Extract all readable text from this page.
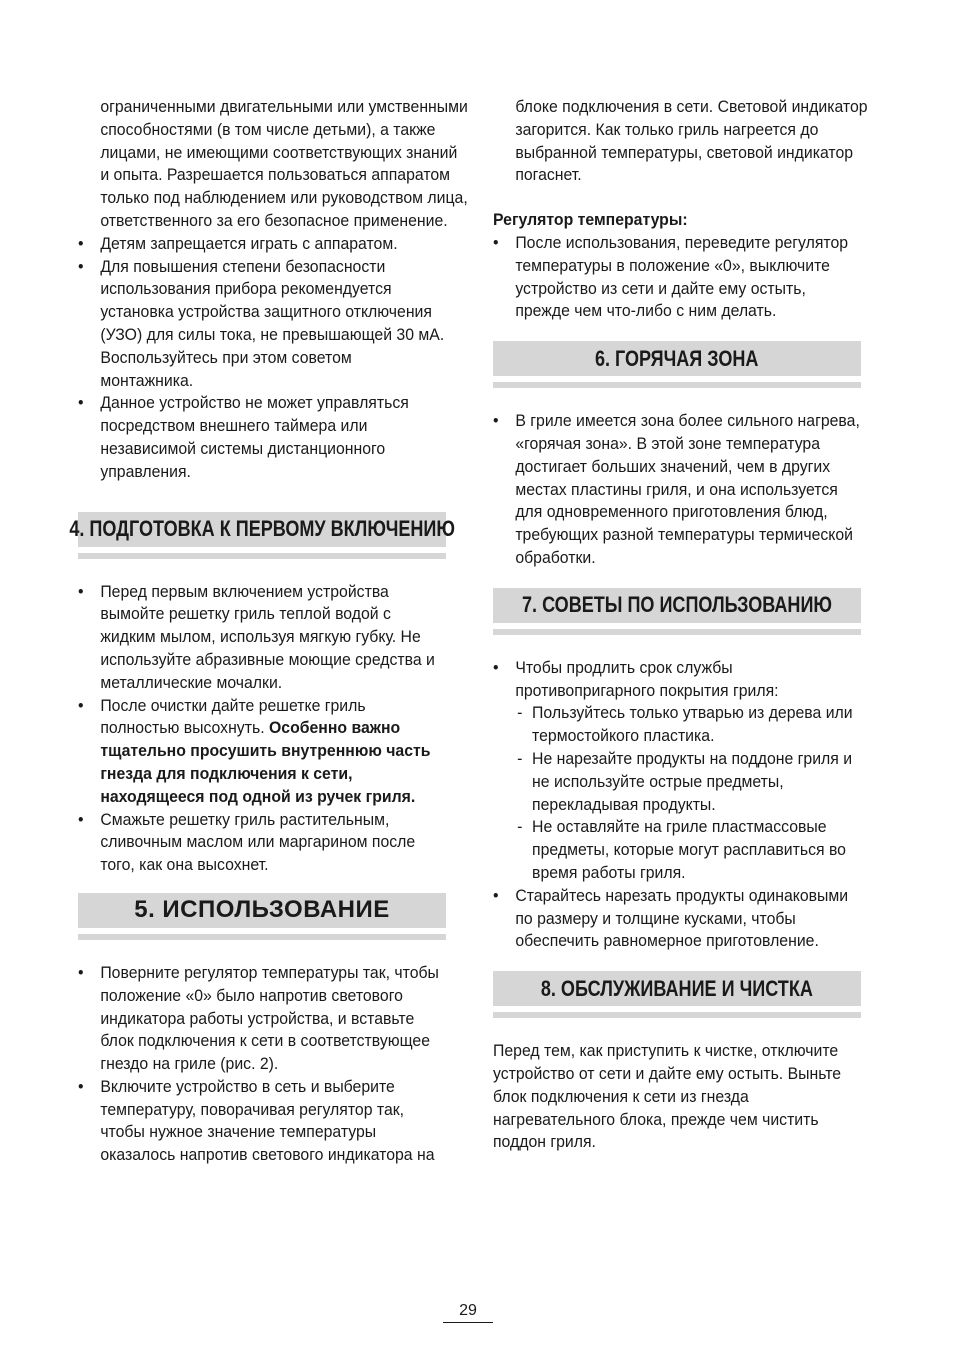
ограниченными двигательными или умственными способностями (в том числе детьми), а также лицами, не имеющими соответствующих знаний и опыта. Разрешается пользоваться аппаратом только под наблюдением или руководством лица, ответственного за его безопасное применение.

• Детям запрещается играть с аппаратом.
• Для повышения степени безопасности использования прибора рекомендуется установка устройства защитного отключения (УЗО) для силы тока, не превышающей 30 мА. Воспользуйтесь при этом советом монтажника.
• Данное устройство не может управляться посредством внешнего таймера или независимой системы дистанционного управления.
4. ПОДГОТОВКА К ПЕРВОМУ ВКЛЮЧЕНИЮ
• Перед первым включением устройства вымойте решетку гриль теплой водой с жидким мылом, используя мягкую губку. Не используйте абразивные моющие средства и металлические мочалки.
• После очистки дайте решетке гриль полностью высохнуть. Особенно важно тщательно просушить внутреннюю часть гнезда для подключения к сети, находящееся под одной из ручек гриля.
• Смажьте решетку гриль растительным, сливочным маслом или маргарином после того, как она высохнет.
5. ИСПОЛЬЗОВАНИЕ
• Поверните регулятор температуры так, чтобы положение «0» было напротив светового индикатора работы устройства, и вставьте блок подключения к сети в соответствующее гнездо на гриле (рис. 2).
• Включите устройство в сеть и выберите температуру, поворачивая регулятор так, чтобы нужное значение температуры оказалось напротив светового индикатора на

блоке подключения в сети. Световой индикатор загорится. Как только гриль нагреется до выбранной температуры, световой индикатор погаснет.

Регулятор температуры:

• После использования, переведите регулятор температуры в положение «0», выключите устройство из сети и дайте ему остыть, прежде чем что-либо с ним делать.
6. ГОРЯЧАЯ ЗОНА
• В гриле имеется зона более сильного нагрева, «горячая зона». В этой зоне температура достигает больших значений, чем в других местах пластины гриля, и она используется для одновременного приготовления блюд, требующих разной температуры термической обработки.
7. СОВЕТЫ ПО ИСПОЛЬЗОВАНИЮ
• Чтобы продлить срок службы противопригарного покрытия гриля:
- Пользуйтесь только утварью из дерева или термостойкого пластика.
- Не нарезайте продукты на поддоне гриля и не используйте острые предметы, перекладывая продукты.
- Не оставляйте на гриле пластмассовые предметы, которые могут расплавиться во время работы гриля.
• Старайтесь нарезать продукты одинаковыми по размеру и толщине кусками, чтобы обеспечить равномерное приготовление.
8. ОБСЛУЖИВАНИЕ И ЧИСТКА

Перед тем, как приступить к чистке, отключите устройство от сети и дайте ему остыть. Выньте блок подключения к сети из гнезда нагревательного блока, прежде чем чистить поддон гриля.

29
